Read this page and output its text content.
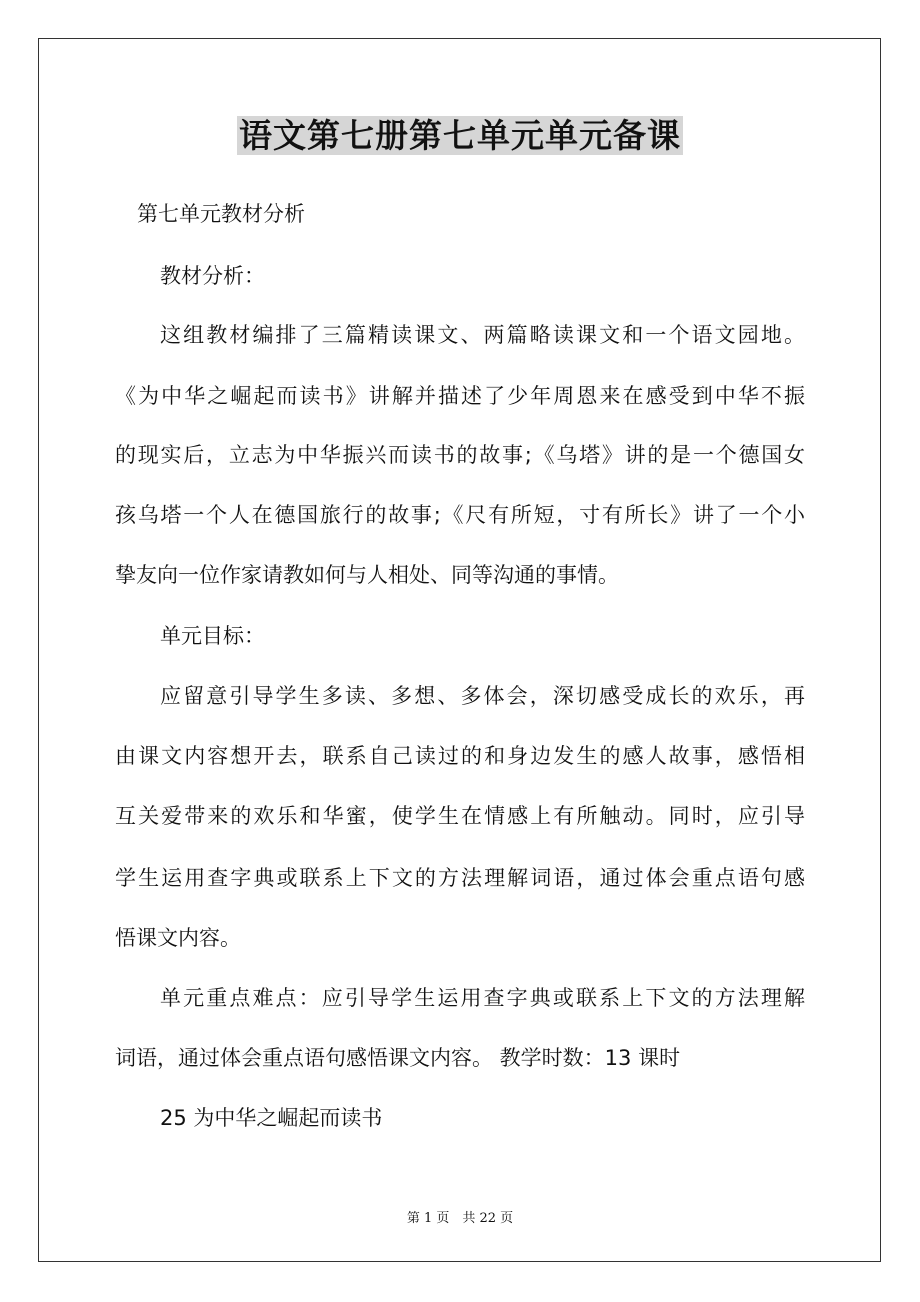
语文第七册第七单元单元备课
第七单元教材分析
教材分析：
这组教材编排了三篇精读课文、两篇略读课文和一个语文园地。
《为中华之崛起而读书》讲解并描述了少年周恩来在感受到中华不振
的现实后，立志为中华振兴而读书的故事;《乌塔》讲的是一个德国女
孩乌塔一个人在德国旅行的故事;《尺有所短，寸有所长》讲了一个小
挚友向一位作家请教如何与人相处、同等沟通的事情。
单元目标：
应留意引导学生多读、多想、多体会，深切感受成长的欢乐，再
由课文内容想开去，联系自己读过的和身边发生的感人故事，感悟相
互关爱带来的欢乐和华蜜，使学生在情感上有所触动。同时，应引导
学生运用查字典或联系上下文的方法理解词语，通过体会重点语句感
悟课文内容。
单元重点难点：应引导学生运用查字典或联系上下文的方法理解
词语，通过体会重点语句感悟课文内容。 教学时数：13 课时
25 为中华之崛起而读书
第 1 页　共 22 页
